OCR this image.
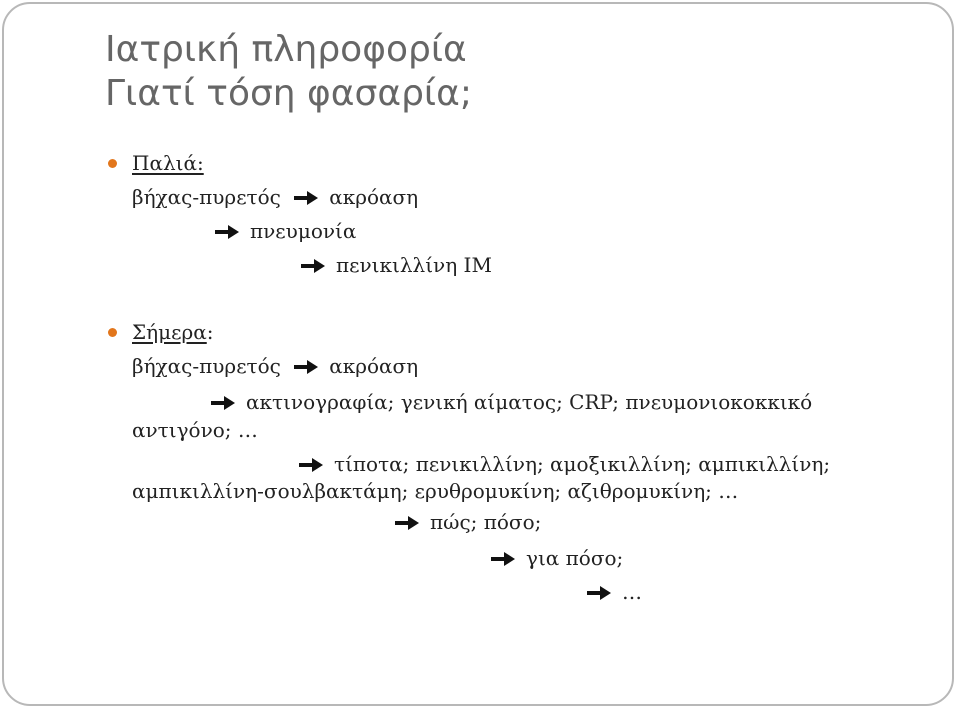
Ιατρική πληροφορία
Γιατί τόση φασαρία;
Παλιά:
βήχας-πυρετός ακρόαση
πνευμονία
πενικιλλίνη ΙΜ
Σήμερα:
βήχας-πυρετός ακρόαση
ακτινογραφία; γενική αίματος; CRP; πνευμονιοκοκκικό
αντιγόνο; …
τίποτα; πενικιλλίνη; αμοξικιλλίνη; αμπικιλλίνη;
αμπικιλλίνη-σουλβακτάμη; ερυθρομυκίνη; αζιθρομυκίνη; …
πώς; πόσο;
για πόσο;
…
